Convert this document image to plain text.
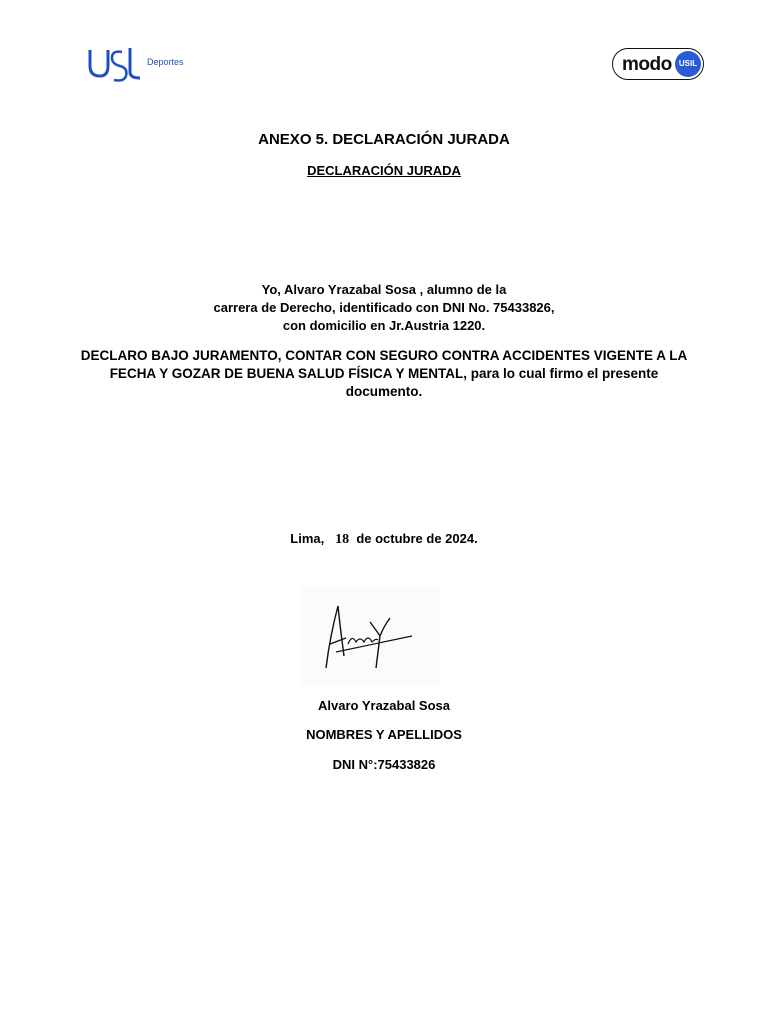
Deportes	modo USIL
ANEXO 5. DECLARACIÓN JURADA
DECLARACIÓN JURADA
Yo, Alvaro Yrazabal Sosa , alumno de la
carrera de Derecho, identificado con DNI No. 75433826,
con domicilio en Jr.Austria 1220.
DECLARO BAJO JURAMENTO, CONTAR CON SEGURO CONTRA ACCIDENTES VIGENTE A LA FECHA Y GOZAR DE BUENA SALUD FÍSICA Y MENTAL, para lo cual firmo el presente documento.
Lima, 18 de octubre de 2024.
Alvaro Yrazabal Sosa
NOMBRES Y APELLIDOS
DNI N°:75433826
